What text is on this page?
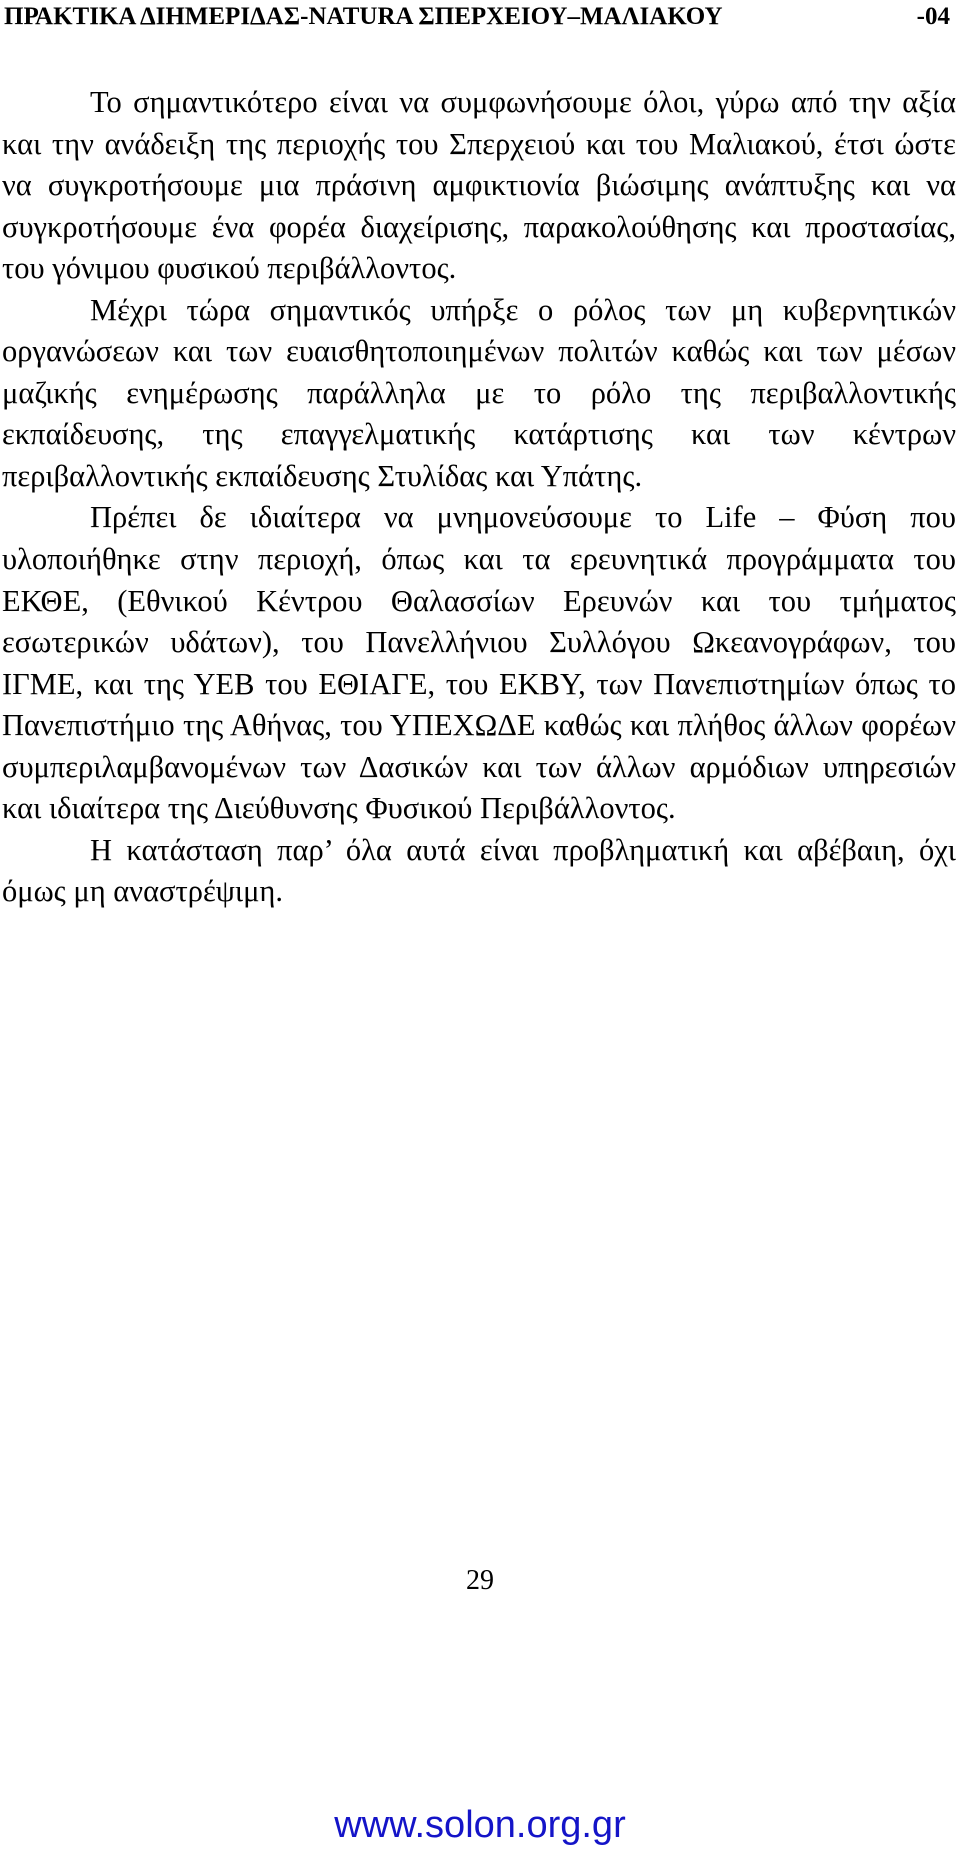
ΠΡΑΚΤΙΚΑ ΔΙΗΜΕΡΙΔΑΣ-NATURA ΣΠΕΡΧΕΙΟΥ–ΜΑΛΙΑΚΟΥ	-04

Το σημαντικότερο είναι να συμφωνήσουμε όλοι, γύρω από την αξία και την ανάδειξη της περιοχής του Σπερχειού και του Μαλιακού, έτσι ώστε να συγκροτήσουμε μια πράσινη αμφικτιονία βιώσιμης ανάπτυξης και να συγκροτήσουμε ένα φορέα διαχείρισης, παρακολούθησης και προστασίας, του γόνιμου φυσικού περιβάλλοντος.

Μέχρι τώρα σημαντικός υπήρξε ο ρόλος των μη κυβερνητικών οργανώσεων και των ευαισθητοποιημένων πολιτών καθώς και των μέσων μαζικής ενημέρωσης παράλληλα με το ρόλο της περιβαλλοντικής εκπαίδευσης, της επαγγελματικής κατάρτισης και των κέντρων περιβαλλοντικής εκπαίδευσης Στυλίδας και Υπάτης.

Πρέπει δε ιδιαίτερα να μνημονεύσουμε το Life – Φύση που υλοποιήθηκε στην περιοχή, όπως και τα ερευνητικά προγράμματα του ΕΚΘΕ, (Εθνικού Κέντρου Θαλασσίων Ερευνών και του τμήματος εσωτερικών υδάτων), του Πανελλήνιου Συλλόγου Ωκεανογράφων, του ΙΓΜΕ, και της ΥΕΒ του ΕΘΙΑΓΕ, του ΕΚΒΥ, των Πανεπιστημίων όπως το Πανεπιστήμιο της Αθήνας, του ΥΠΕΧΩΔΕ καθώς και πλήθος άλλων φορέων συμπεριλαμβανομένων των Δασικών και των άλλων αρμόδιων υπηρεσιών και ιδιαίτερα της Διεύθυνσης Φυσικού Περιβάλλοντος.

Η κατάσταση παρ’ όλα αυτά είναι προβληματική και αβέβαιη, όχι όμως μη αναστρέψιμη.

29
www.solon.org.gr
